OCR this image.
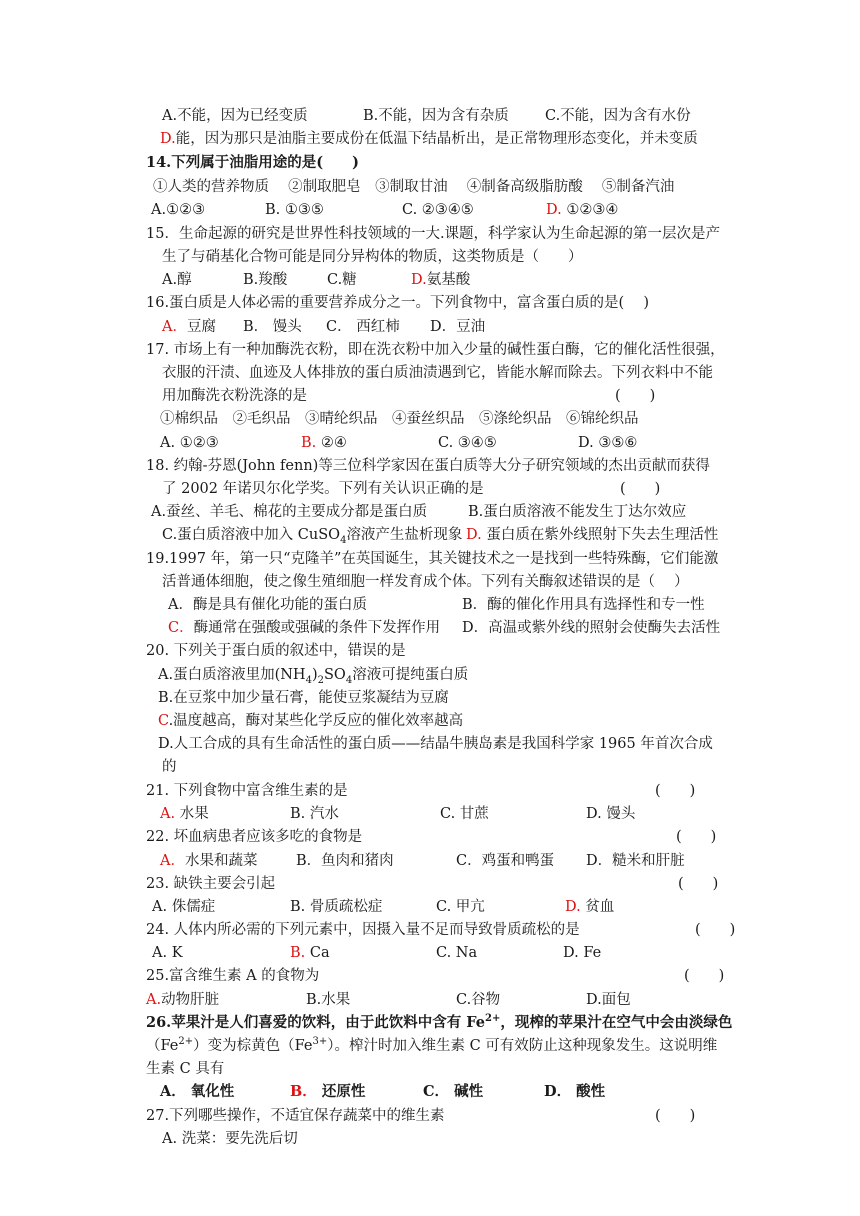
A.不能，因为已经变质	B.不能，因为含有杂质 C.不能，因为含有水份
D.能，因为那只是油脂主要成份在低温下结晶析出，是正常物理形态变化，并未变质
14.下列属于油脂用途的是(　　)
①人类的营养物质　 ②制取肥皂　③制取甘油　 ④制备高级脂肪酸　 ⑤制备汽油
A.①②③	B. ①③⑤	C. ②③④⑤	D. ①②③④
15．生命起源的研究是世界性科技领域的一大.课题，科学家认为生命起源的第一层次是产
生了与硝基化合物可能是同分异构体的物质，这类物质是（　　）
A.醇	B.羧酸	C.糖	D.氨基酸
16.蛋白质是人体必需的重要营养成分之一。下列食物中，富含蛋白质的是(　 )
A．豆腐 B． 馒头 C． 西红柿 D．豆油
17. 市场上有一种加酶洗衣粉，即在洗衣粉中加入少量的碱性蛋白酶，它的催化活性很强，
衣服的汗渍、血迹及人体排放的蛋白质油渍遇到它，皆能水解而除去。下列衣料中不能
用加酶洗衣粉洗涤的是	(　　)
①棉织品　②毛织品　③晴纶织品　④蚕丝织品　⑤涤纶织品　⑥锦纶织品
A. ①②③	B. ②④	C. ③④⑤	D. ③⑤⑥
18. 约翰-芬恩(John fenn)等三位科学家因在蛋白质等大分子研究领域的杰出贡献而获得
了 2002 年诺贝尔化学奖。下列有关认识正确的是	(　　)
A.蚕丝、羊毛、棉花的主要成分都是蛋白质	B.蛋白质溶液不能发生丁达尔效应
C.蛋白质溶液中加入 CuSO$_4$溶液产生盐析现象 D. 蛋白质在紫外线照射下失去生理活性
19.1997 年，第一只“克隆羊”在英国诞生，其关键技术之一是找到一些特殊酶，它们能激
活普通体细胞，使之像生殖细胞一样发育成个体。下列有关酶叙述错误的是（　 ）
A．酶是具有催化功能的蛋白质	B．酶的催化作用具有选择性和专一性
C．酶通常在强酸或强碱的条件下发挥作用 D．高温或紫外线的照射会使酶失去活性
20. 下列关于蛋白质的叙述中，错误的是
A.蛋白质溶液里加$(NH_4)_2SO_4$溶液可提纯蛋白质
B.在豆浆中加少量石膏，能使豆浆凝结为豆腐
C.温度越高，酶对某些化学反应的催化效率越高
D.人工合成的具有生命活性的蛋白质——结晶牛胰岛素是我国科学家 1965 年首次合成
的
21. 下列食物中富含维生素的是	(　　)
A. 水果	B. 汽水	C. 甘蔗	D. 馒头
22. 坏血病患者应该多吃的食物是	(　　)
A．水果和蔬菜	B．鱼肉和猪肉	C．鸡蛋和鸭蛋 D．糙米和肝脏
23. 缺铁主要会引起	(　　)
A. 侏儒症	B. 骨质疏松症	C. 甲亢	D. 贫血
24. 人体内所必需的下列元素中，因摄入量不足而导致骨质疏松的是	(　　)
A. K	B. Ca	C. Na	D. Fe
25.富含维生素 A 的食物为	(　　)
A.动物肝脏	B.水果	C.谷物	D.面包
26.苹果汁是人们喜爱的饮料，由于此饮料中含有 $Fe^{2+}$，现榨的苹果汁在空气中会由淡绿色
$(Fe^{2+})$变为棕黄色$(Fe^{3+})$。榨汁时加入维生素 C 可有效防止这种现象发生。这说明维
生素 C 具有
A． 氧化性	B． 还原性	C． 碱性	D． 酸性
27.下列哪些操作，不适宜保存蔬菜中的维生素	(　　)
A. 洗菜：要先洗后切
